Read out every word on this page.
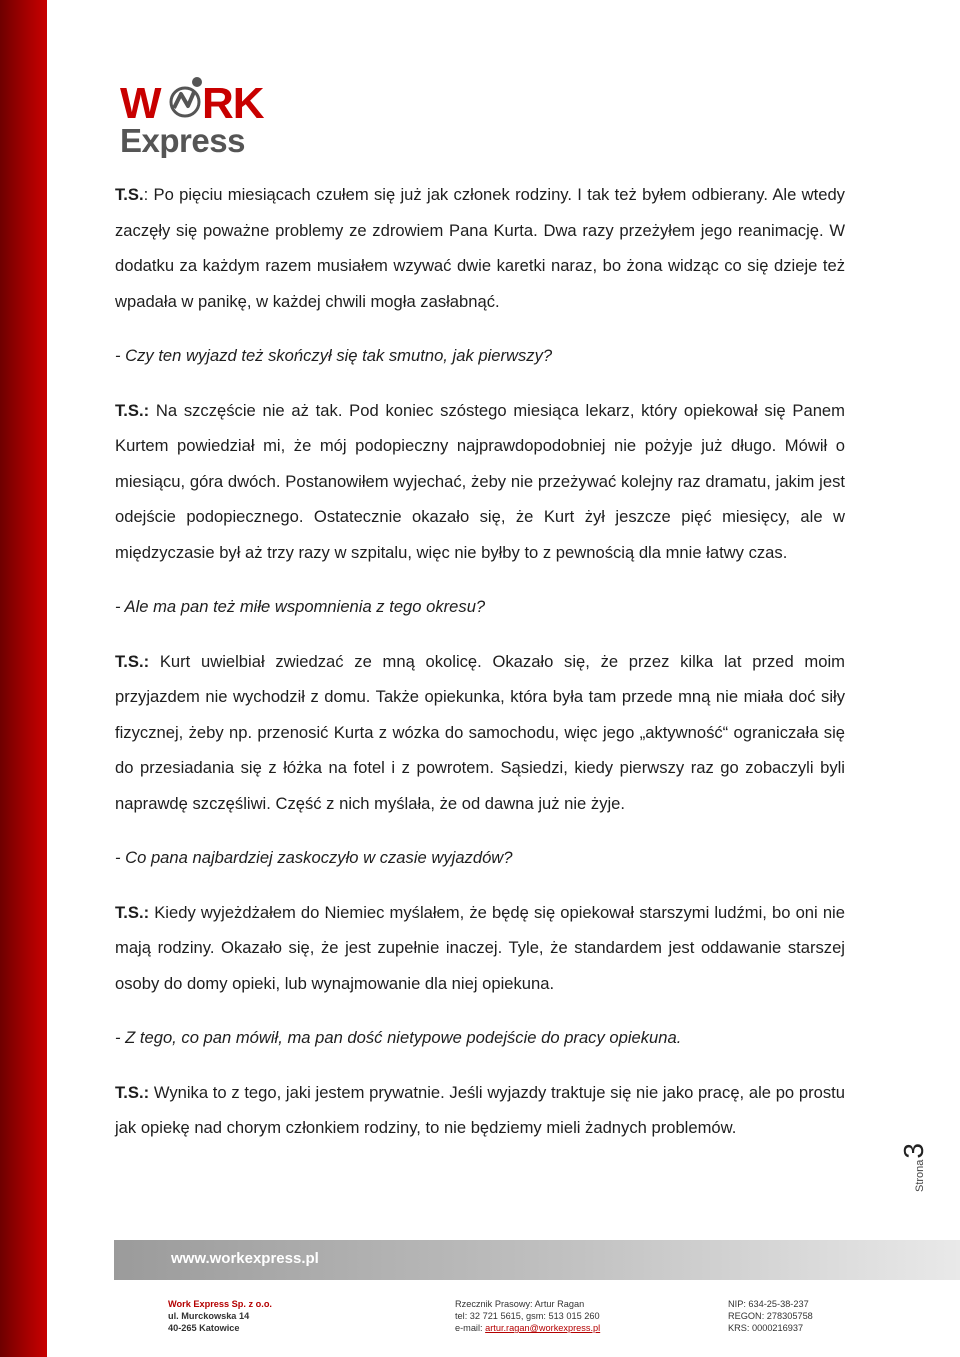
W RK
Express

T.S.: Po pięciu miesiącach czułem się już jak członek rodziny. I tak też byłem odbierany. Ale wtedy zaczęły się poważne problemy ze zdrowiem Pana Kurta. Dwa razy przeżyłem jego reanimację. W dodatku za każdym razem musiałem wzywać dwie karetki naraz, bo żona widząc co się dzieje też wpadała w panikę, w każdej chwili mogła zasłabnąć.

- Czy ten wyjazd też skończył się tak smutno, jak pierwszy?

T.S.: Na szczęście nie aż tak. Pod koniec szóstego miesiąca lekarz, który opiekował się Panem Kurtem powiedział mi, że mój podopieczny najprawdopodobniej nie pożyje już długo. Mówił o miesiącu, góra dwóch. Postanowiłem wyjechać, żeby nie przeżywać kolejny raz dramatu, jakim jest odejście podopiecznego. Ostatecznie okazało się, że Kurt żył jeszcze pięć miesięcy, ale w międzyczasie był aż trzy razy w szpitalu, więc nie byłby to z pewnością dla mnie łatwy czas.

- Ale ma pan też miłe wspomnienia z tego okresu?

T.S.: Kurt uwielbiał zwiedzać ze mną okolicę. Okazało się, że przez kilka lat przed moim przyjazdem nie wychodził z domu. Także opiekunka, która była tam przede mną nie miała doć siły fizycznej, żeby np. przenosić Kurta z wózka do samochodu, więc jego „aktywność“ ograniczała się do przesiadania się z łóżka na fotel i z powrotem. Sąsiedzi, kiedy pierwszy raz go zobaczyli byli naprawdę szczęśliwi. Część z nich myślała, że od dawna już nie żyje.

- Co pana najbardziej zaskoczyło w czasie wyjazdów?

T.S.: Kiedy wyjeżdżałem do Niemiec myślałem, że będę się opiekował starszymi ludźmi, bo oni nie mają rodziny. Okazało się, że jest zupełnie inaczej. Tyle, że standardem jest oddawanie starszej osoby do domy opieki, lub wynajmowanie dla niej opiekuna.

- Z tego, co pan mówił, ma pan dość nietypowe podejście do pracy opiekuna.

T.S.: Wynika to z tego, jaki jestem prywatnie. Jeśli wyjazdy traktuje się nie jako pracę, ale po prostu jak opiekę nad chorym członkiem rodziny, to nie będziemy mieli żadnych problemów.

Strona
3
www.workexpress.pl
Work Express Sp. z o.o.
ul. Murckowska 14
40-265 Katowice
Rzecznik Prasowy: Artur Ragan
tel: 32 721 5615, gsm: 513 015 260
e-mail: artur.ragan@workexpress.pl
NIP: 634-25-38-237
REGON: 278305758
KRS: 0000216937
